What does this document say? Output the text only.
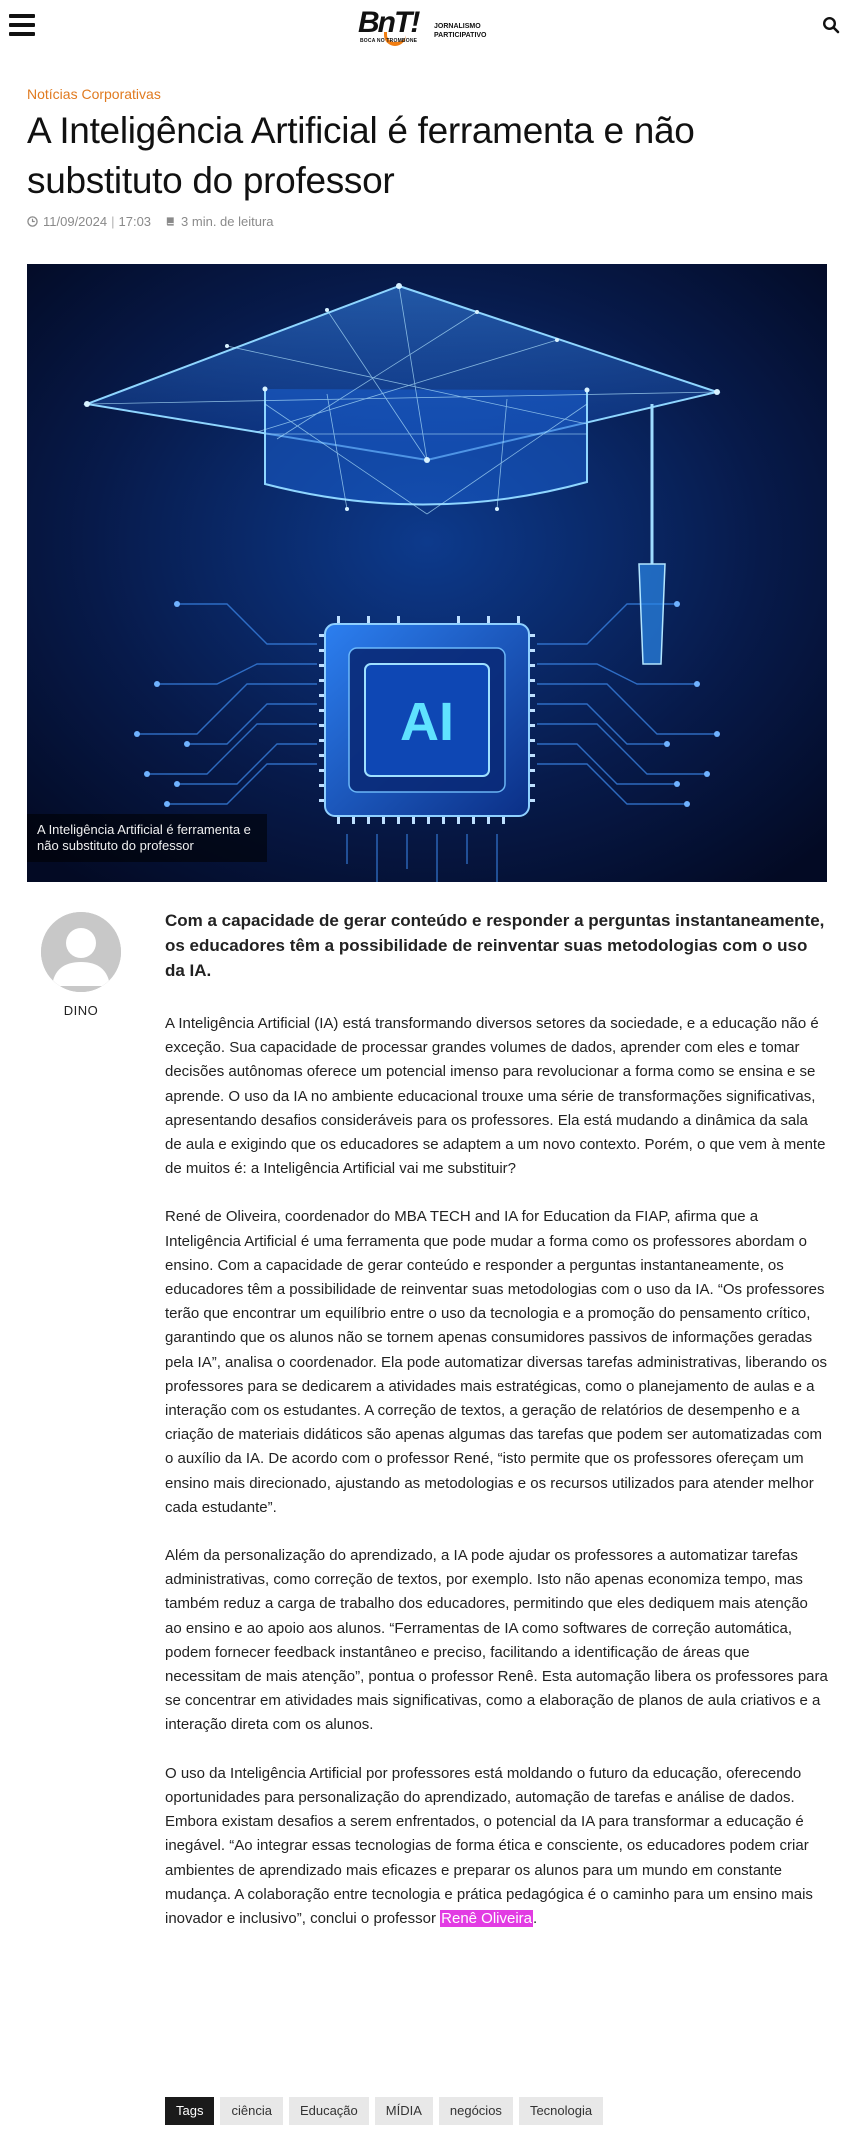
BnT!
BOCA NO TROMBONE
JORNALISMO
PARTICIPATIVO
Notícias Corporativas
A Inteligência Artificial é ferramenta e não substituto do professor
11/09/2024 | 17:03 3 min. de leitura
AI
A Inteligência Artificial é ferramenta e não substituto do professor
DINO

Com a capacidade de gerar conteúdo e responder a perguntas instantaneamente, os educadores têm a possibilidade de reinventar suas metodologias com o uso da IA.

A Inteligência Artificial (IA) está transformando diversos setores da sociedade, e a educação não é exceção. Sua capacidade de processar grandes volumes de dados, aprender com eles e tomar decisões autônomas oferece um potencial imenso para revolucionar a forma como se ensina e se aprende. O uso da IA no ambiente educacional trouxe uma série de transformações significativas, apresentando desafios consideráveis para os professores. Ela está mudando a dinâmica da sala de aula e exigindo que os educadores se adaptem a um novo contexto. Porém, o que vem à mente de muitos é: a Inteligência Artificial vai me substituir?

René de Oliveira, coordenador do MBA TECH and IA for Education da FIAP, afirma que a Inteligência Artificial é uma ferramenta que pode mudar a forma como os professores abordam o ensino. Com a capacidade de gerar conteúdo e responder a perguntas instantaneamente, os educadores têm a possibilidade de reinventar suas metodologias com o uso da IA. “Os professores terão que encontrar um equilíbrio entre o uso da tecnologia e a promoção do pensamento crítico, garantindo que os alunos não se tornem apenas consumidores passivos de informações geradas pela IA”, analisa o coordenador. Ela pode automatizar diversas tarefas administrativas, liberando os professores para se dedicarem a atividades mais estratégicas, como o planejamento de aulas e a interação com os estudantes. A correção de textos, a geração de relatórios de desempenho e a criação de materiais didáticos são apenas algumas das tarefas que podem ser automatizadas com o auxílio da IA. De acordo com o professor René, “isto permite que os professores ofereçam um ensino mais direcionado, ajustando as metodologias e os recursos utilizados para atender melhor cada estudante”.

Além da personalização do aprendizado, a IA pode ajudar os professores a automatizar tarefas administrativas, como correção de textos, por exemplo. Isto não apenas economiza tempo, mas também reduz a carga de trabalho dos educadores, permitindo que eles dediquem mais atenção ao ensino e ao apoio aos alunos. “Ferramentas de IA como softwares de correção automática, podem fornecer feedback instantâneo e preciso, facilitando a identificação de áreas que necessitam de mais atenção”, pontua o professor Renê. Esta automação libera os professores para se concentrar em atividades mais significativas, como a elaboração de planos de aula criativos e a interação direta com os alunos.

O uso da Inteligência Artificial por professores está moldando o futuro da educação, oferecendo oportunidades para personalização do aprendizado, automação de tarefas e análise de dados. Embora existam desafios a serem enfrentados, o potencial da IA para transformar a educação é inegável. “Ao integrar essas tecnologias de forma ética e consciente, os educadores podem criar ambientes de aprendizado mais eficazes e preparar os alunos para um mundo em constante mudança. A colaboração entre tecnologia e prática pedagógica é o caminho para um ensino mais inovador e inclusivo”, conclui o professor Renê Oliveira.

Tags	ciência	Educação	MÍDIA	negócios	Tecnologia
